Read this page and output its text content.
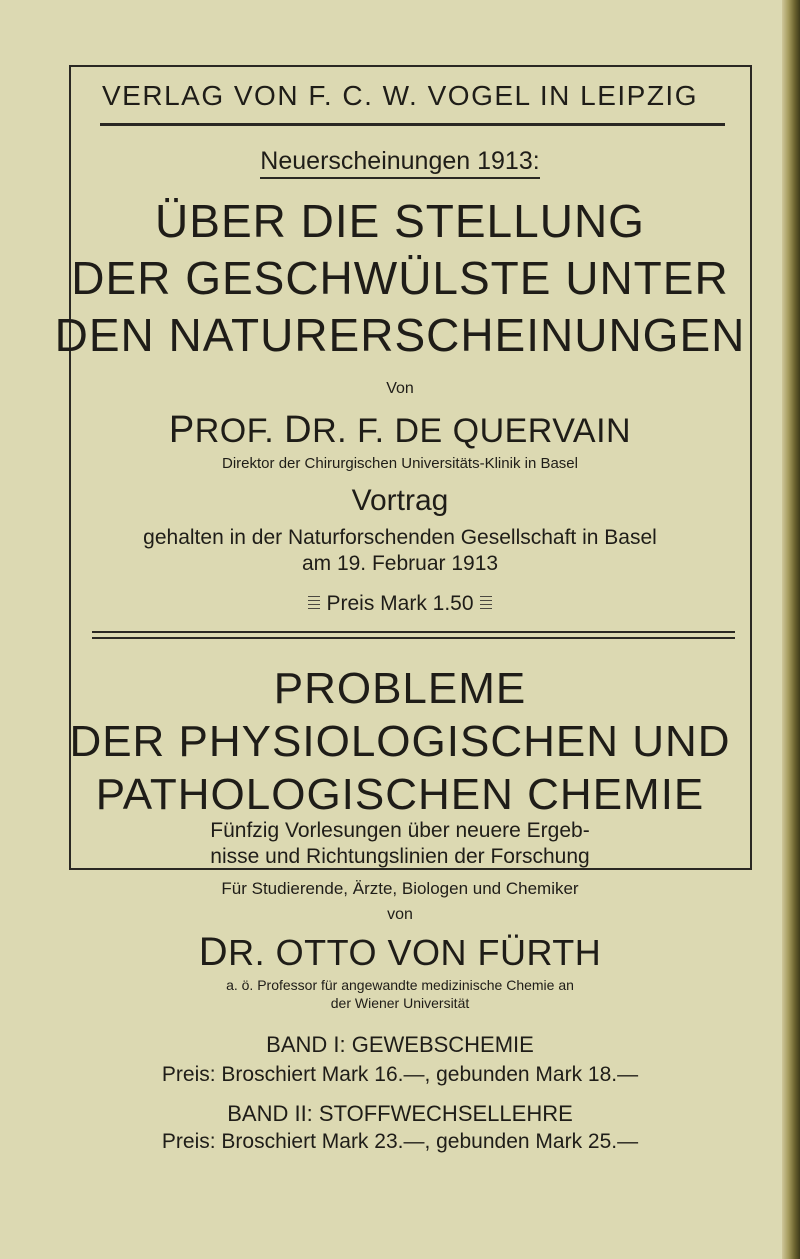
VERLAG VON F. C. W. VOGEL IN LEIPZIG
Neuerscheinungen 1913:
ÜBER DIE STELLUNG
DER GESCHWÜLSTE UNTER
DEN NATURERSCHEINUNGEN
Von
PROF. DR. F. DE QUERVAIN
Direktor der Chirurgischen Universitäts-Klinik in Basel
Vortrag
gehalten in der Naturforschenden Gesellschaft in Basel
am 19. Februar 1913
Preis Mark 1.50
PROBLEME
DER PHYSIOLOGISCHEN UND
PATHOLOGISCHEN CHEMIE
Fünfzig Vorlesungen über neuere Ergeb-
nisse und Richtungslinien der Forschung
Für Studierende, Ärzte, Biologen und Chemiker
von
DR. OTTO VON FÜRTH
a. ö. Professor für angewandte medizinische Chemie an
der Wiener Universität
BAND I: GEWEBSCHEMIE
Preis: Broschiert Mark 16.—, gebunden Mark 18.—
BAND II: STOFFWECHSELLEHRE
Preis: Broschiert Mark 23.—, gebunden Mark 25.—
